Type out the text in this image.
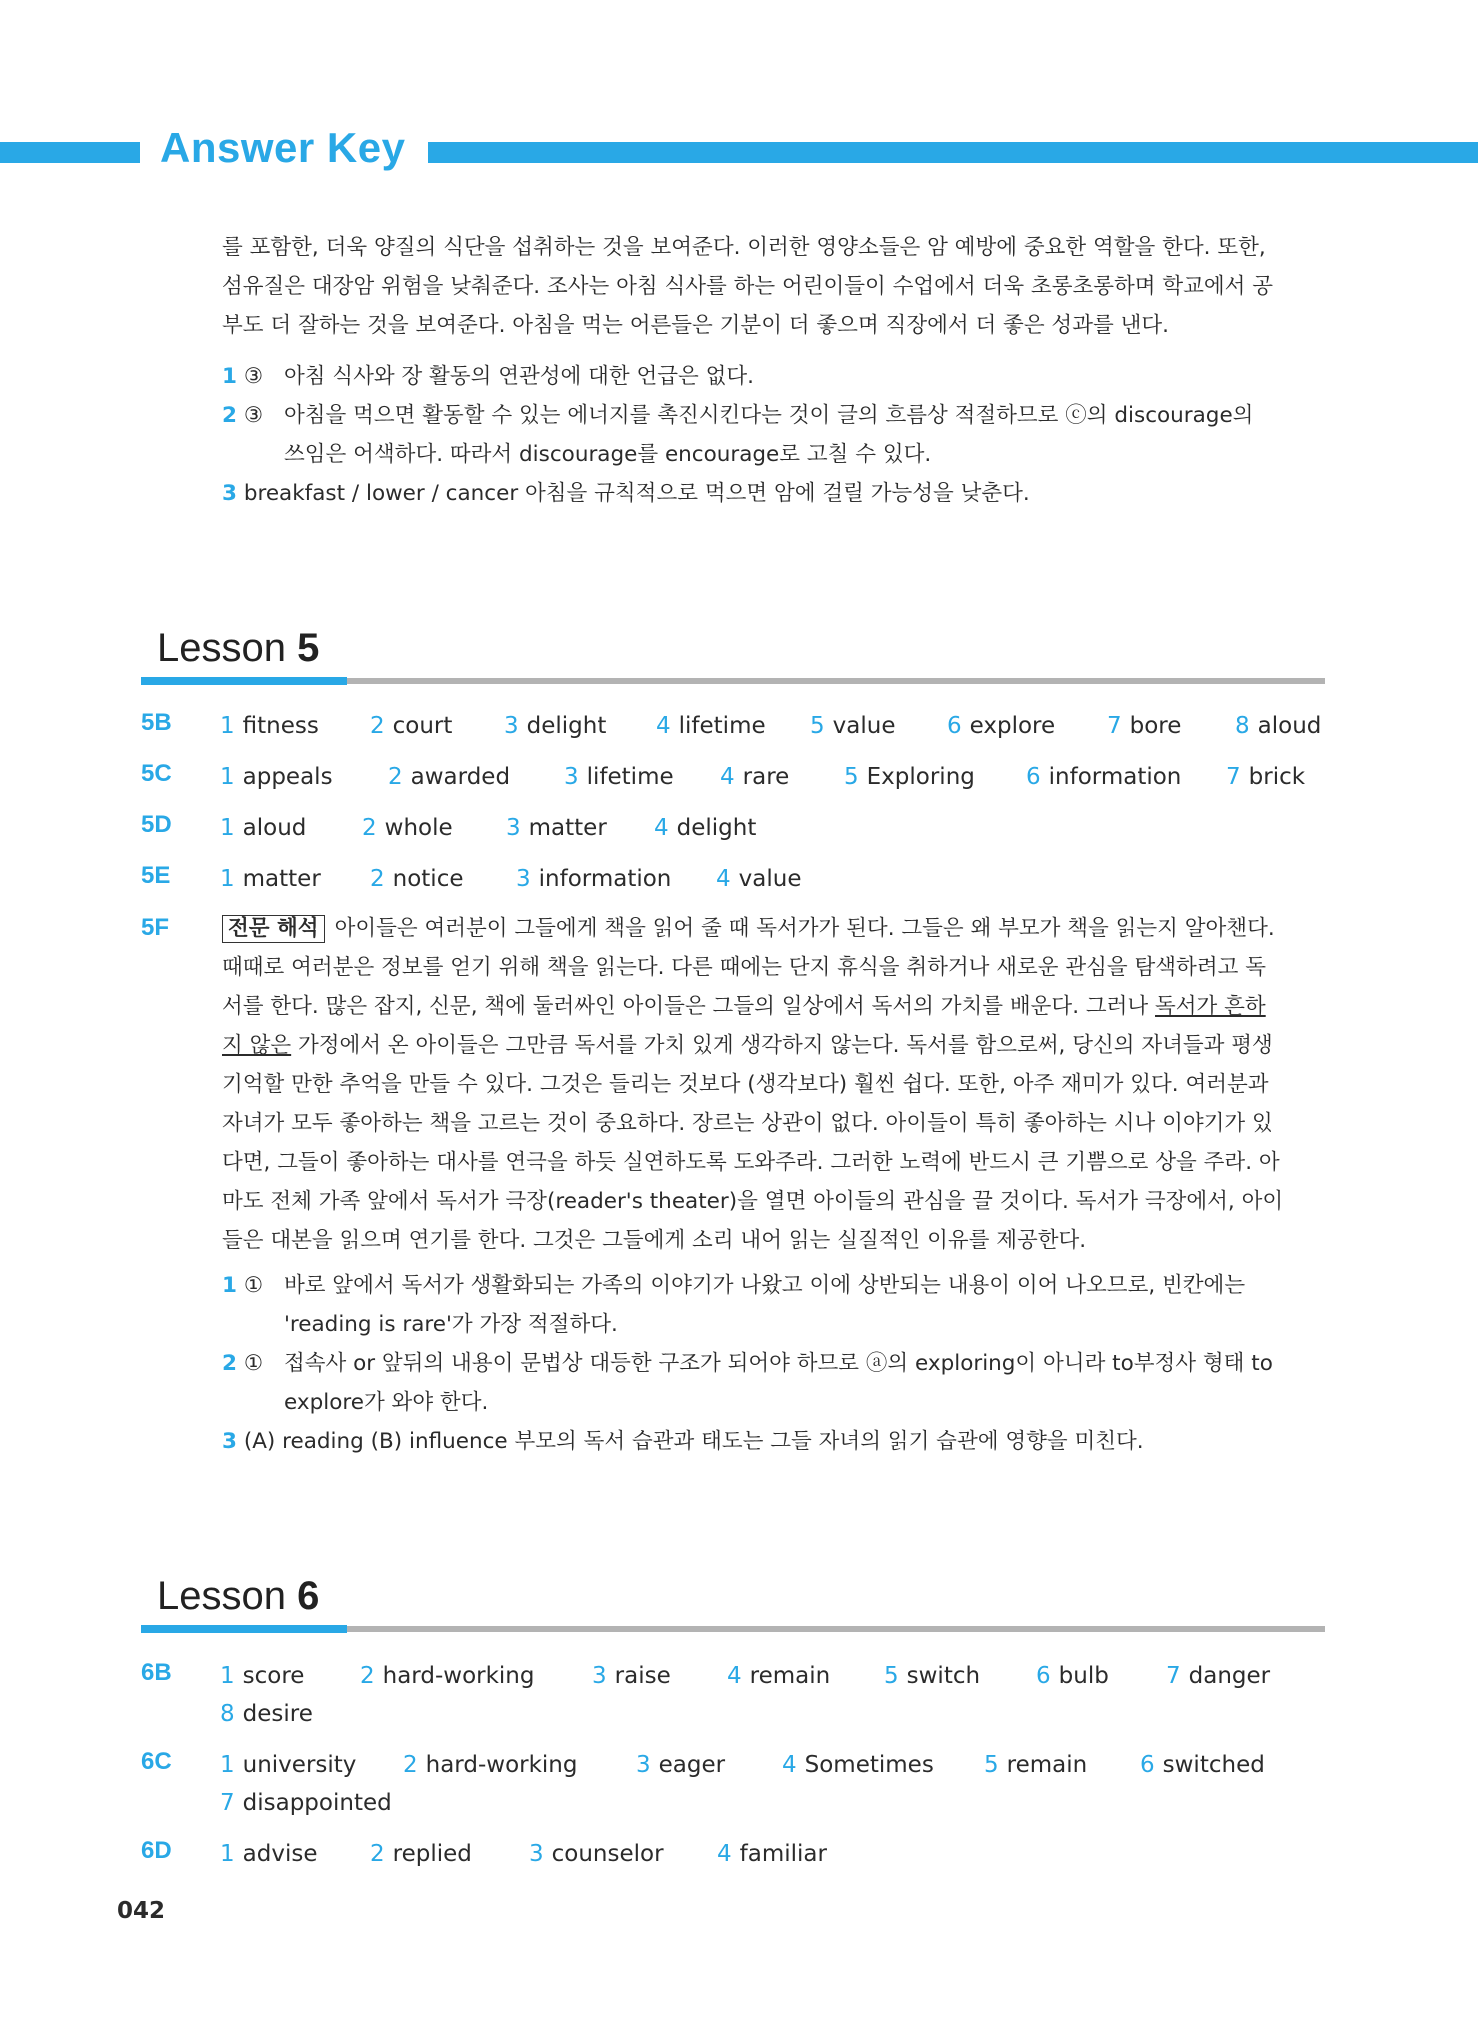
Answer Key
를 포함한, 더욱 양질의 식단을 섭취하는 것을 보여준다. 이러한 영양소들은 암 예방에 중요한 역할을 한다. 또한,
섬유질은 대장암 위험을 낮춰준다. 조사는 아침 식사를 하는 어린이들이 수업에서 더욱 초롱초롱하며 학교에서 공
부도 더 잘하는 것을 보여준다. 아침을 먹는 어른들은 기분이 더 좋으며 직장에서 더 좋은 성과를 낸다.
1 ③ 아침 식사와 장 활동의 연관성에 대한 언급은 없다.
2 ③ 아침을 먹으면 활동할 수 있는 에너지를 촉진시킨다는 것이 글의 흐름상 적절하므로 ⓒ의 discourage의
쓰임은 어색하다. 따라서 discourage를 encourage로 고칠 수 있다.
3 breakfast / lower / cancer 아침을 규칙적으로 먹으면 암에 걸릴 가능성을 낮춘다.
Lesson 5
5B 1 fitness 2 court 3 delight 4 lifetime 5 value 6 explore 7 bore 8 aloud
5C 1 appeals 2 awarded 3 lifetime 4 rare 5 Exploring 6 information 7 brick
5D 1 aloud 2 whole 3 matter 4 delight
5E 1 matter 2 notice 3 information 4 value
5F	전문 해석 아이들은 여러분이 그들에게 책을 읽어 줄 때 독서가가 된다. 그들은 왜 부모가 책을 읽는지 알아챈다.
때때로 여러분은 정보를 얻기 위해 책을 읽는다. 다른 때에는 단지 휴식을 취하거나 새로운 관심을 탐색하려고 독
서를 한다. 많은 잡지, 신문, 책에 둘러싸인 아이들은 그들의 일상에서 독서의 가치를 배운다. 그러나 독서가 흔하
지 않은 가정에서 온 아이들은 그만큼 독서를 가치 있게 생각하지 않는다. 독서를 함으로써, 당신의 자녀들과 평생
기억할 만한 추억을 만들 수 있다. 그것은 들리는 것보다 (생각보다) 훨씬 쉽다. 또한, 아주 재미가 있다. 여러분과
자녀가 모두 좋아하는 책을 고르는 것이 중요하다. 장르는 상관이 없다. 아이들이 특히 좋아하는 시나 이야기가 있
다면, 그들이 좋아하는 대사를 연극을 하듯 실연하도록 도와주라. 그러한 노력에 반드시 큰 기쁨으로 상을 주라. 아
마도 전체 가족 앞에서 독서가 극장(reader's theater)을 열면 아이들의 관심을 끌 것이다. 독서가 극장에서, 아이
들은 대본을 읽으며 연기를 한다. 그것은 그들에게 소리 내어 읽는 실질적인 이유를 제공한다.
1 ① 바로 앞에서 독서가 생활화되는 가족의 이야기가 나왔고 이에 상반되는 내용이 이어 나오므로, 빈칸에는
'reading is rare'가 가장 적절하다.
2 ① 접속사 or 앞뒤의 내용이 문법상 대등한 구조가 되어야 하므로 ⓐ의 exploring이 아니라 to부정사 형태 to
explore가 와야 한다.
3 (A) reading (B) influence 부모의 독서 습관과 태도는 그들 자녀의 읽기 습관에 영향을 미친다.
Lesson 6
6B 1 score 2 hard-working	3 raise 4 remain 5 switch 6 bulb 7 danger
8 desire
6C 1 university 2 hard-working	3 eager 4 Sometimes 5 remain 6 switched
7 disappointed
6D 1 advise 2 replied 3 counselor 4 familiar
042
